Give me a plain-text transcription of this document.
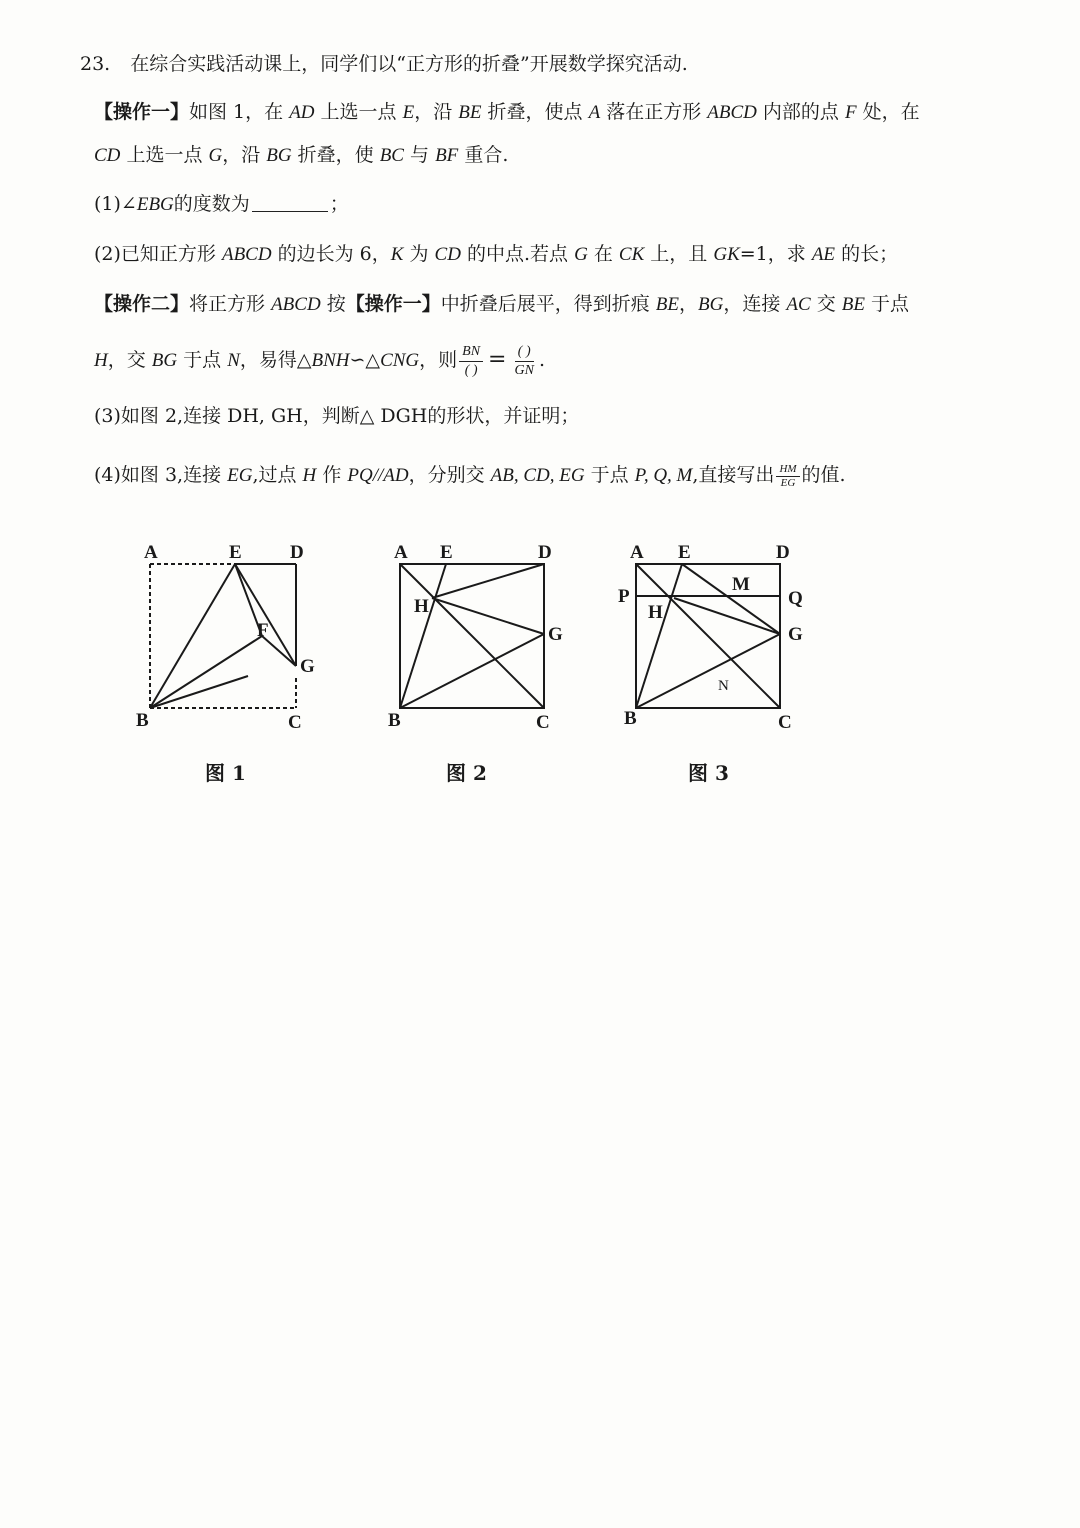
23. 在综合实践活动课上，同学们以“正方形的折叠”开展数学探究活动.
【操作一】如图 1，在 AD 上选一点 E，沿 BE 折叠，使点 A 落在正方形 ABCD 内部的点 F 处，在
CD 上选一点 G，沿 BG 折叠，使 BC 与 BF 重合.
(1)∠EBG的度数为	；
(2)已知正方形 ABCD 的边长为 6，K 为 CD 的中点.若点 G 在 CK 上，且 GK=1，求 AE 的长；
【操作二】将正方形 ABCD 按【操作一】中折叠后展平，得到折痕 BE，BG，连接 AC 交 BE 于点
H，交 BG 于点 N，易得△BNH∽△CNG，则 $\frac{BN}{( )} = \frac{( )}{GN}$ .
(3)如图 2,连接 DH, GH，判断△ DGH的形状，并证明；
(4)如图 3,连接 EG,过点 H 作 PQ//AD，分别交 AB, CD, EG 于点 P, Q, M,直接写出 $\frac{HM}{EG}$ 的值.
A	E	D
F
G
B	C
图 1
A E	D
H
G
B	C
图 2
A E	D
P
H
M
Q
G
N
B	C
图 3
